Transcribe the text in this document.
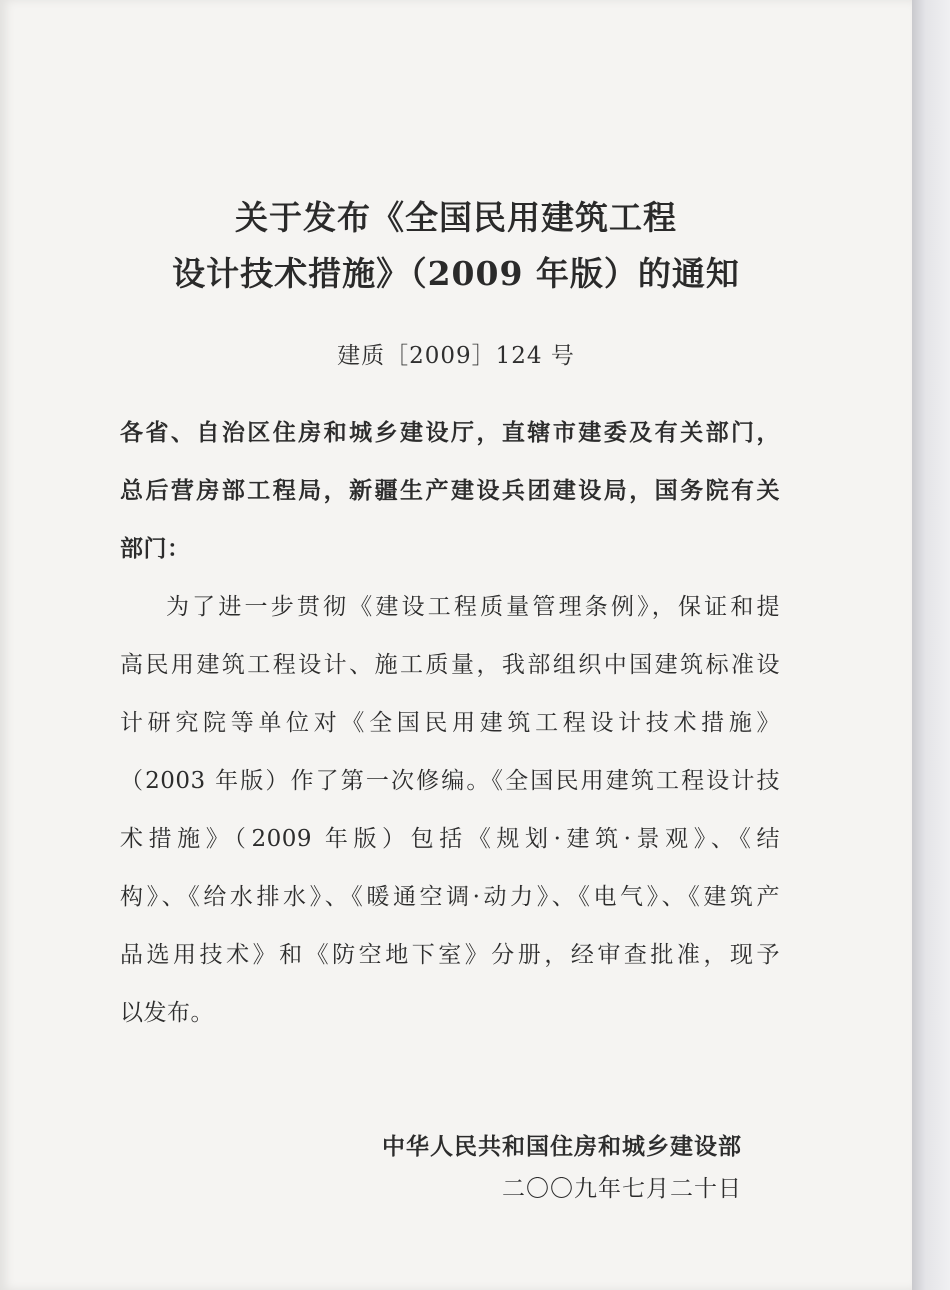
关于发布《全国民用建筑工程
设计技术措施》（2009 年版）的通知
建质［2009］124 号
各省、自治区住房和城乡建设厅，直辖市建委及有关部门，
总后营房部工程局，新疆生产建设兵团建设局，国务院有关
部门：
为了进一步贯彻《建设工程质量管理条例》，保证和提
高民用建筑工程设计、施工质量，我部组织中国建筑标准设
计研究院等单位对《全国民用建筑工程设计技术措施》
（2003 年版）作了第一次修编。《全国民用建筑工程设计技
术措施》（2009 年版）包括《规划·建筑·景观》、《结
构》、《给水排水》、《暖通空调·动力》、《电气》、《建筑产
品选用技术》和《防空地下室》分册，经审查批准，现予
以发布。
中华人民共和国住房和城乡建设部
二〇〇九年七月二十日
